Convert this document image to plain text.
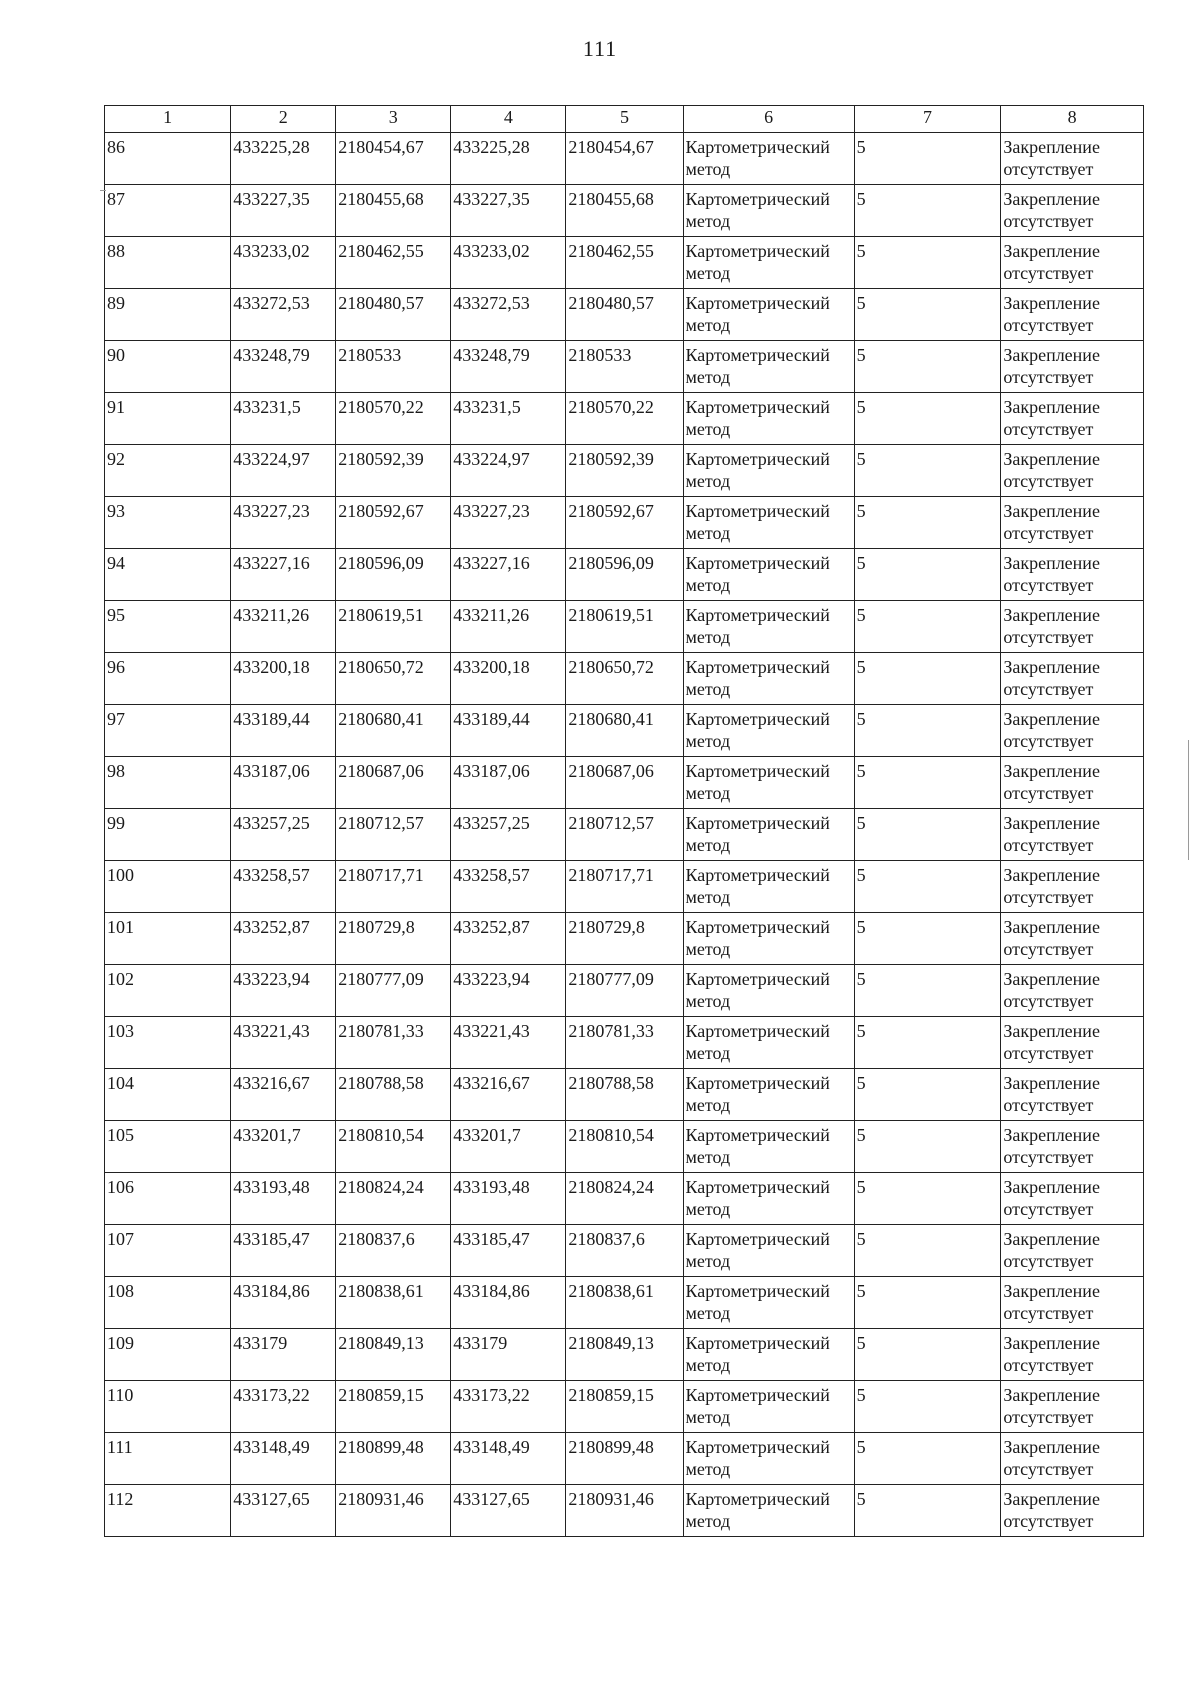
111
1	2	3	4	5	6	7	8
86	433225,28	2180454,67	433225,28	2180454,67	Картометрический метод	5	Закрепление отсутствует
87	433227,35	2180455,68	433227,35	2180455,68	Картометрический метод	5	Закрепление отсутствует
88	433233,02	2180462,55	433233,02	2180462,55	Картометрический метод	5	Закрепление отсутствует
89	433272,53	2180480,57	433272,53	2180480,57	Картометрический метод	5	Закрепление отсутствует
90	433248,79	2180533	433248,79	2180533	Картометрический метод	5	Закрепление отсутствует
91	433231,5	2180570,22	433231,5	2180570,22	Картометрический метод	5	Закрепление отсутствует
92	433224,97	2180592,39	433224,97	2180592,39	Картометрический метод	5	Закрепление отсутствует
93	433227,23	2180592,67	433227,23	2180592,67	Картометрический метод	5	Закрепление отсутствует
94	433227,16	2180596,09	433227,16	2180596,09	Картометрический метод	5	Закрепление отсутствует
95	433211,26	2180619,51	433211,26	2180619,51	Картометрический метод	5	Закрепление отсутствует
96	433200,18	2180650,72	433200,18	2180650,72	Картометрический метод	5	Закрепление отсутствует
97	433189,44	2180680,41	433189,44	2180680,41	Картометрический метод	5	Закрепление отсутствует
98	433187,06	2180687,06	433187,06	2180687,06	Картометрический метод	5	Закрепление отсутствует
99	433257,25	2180712,57	433257,25	2180712,57	Картометрический метод	5	Закрепление отсутствует
100	433258,57	2180717,71	433258,57	2180717,71	Картометрический метод	5	Закрепление отсутствует
101	433252,87	2180729,8	433252,87	2180729,8	Картометрический метод	5	Закрепление отсутствует
102	433223,94	2180777,09	433223,94	2180777,09	Картометрический метод	5	Закрепление отсутствует
103	433221,43	2180781,33	433221,43	2180781,33	Картометрический метод	5	Закрепление отсутствует
104	433216,67	2180788,58	433216,67	2180788,58	Картометрический метод	5	Закрепление отсутствует
105	433201,7	2180810,54	433201,7	2180810,54	Картометрический метод	5	Закрепление отсутствует
106	433193,48	2180824,24	433193,48	2180824,24	Картометрический метод	5	Закрепление отсутствует
107	433185,47	2180837,6	433185,47	2180837,6	Картометрический метод	5	Закрепление отсутствует
108	433184,86	2180838,61	433184,86	2180838,61	Картометрический метод	5	Закрепление отсутствует
109	433179	2180849,13	433179	2180849,13	Картометрический метод	5	Закрепление отсутствует
110	433173,22	2180859,15	433173,22	2180859,15	Картометрический метод	5	Закрепление отсутствует
111	433148,49	2180899,48	433148,49	2180899,48	Картометрический метод	5	Закрепление отсутствует
112	433127,65	2180931,46	433127,65	2180931,46	Картометрический метод	5	Закрепление отсутствует
